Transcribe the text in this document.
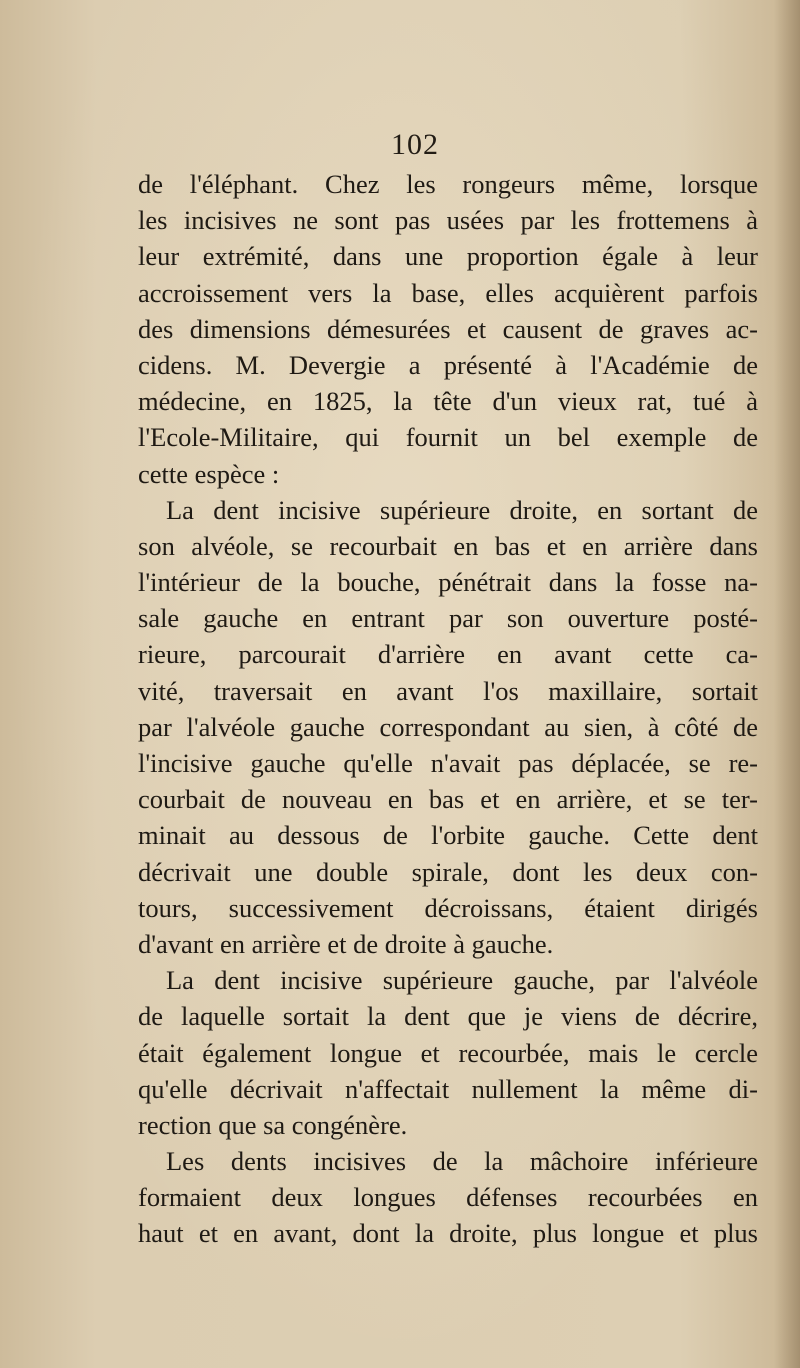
102
de l'éléphant. Chez les rongeurs même, lorsque
les incisives ne sont pas usées par les frottemens à
leur extrémité, dans une proportion égale à leur
accroissement vers la base, elles acquièrent parfois
des dimensions démesurées et causent de graves ac-
cidens. M. Devergie a présenté à l'Académie de
médecine, en 1825, la tête d'un vieux rat, tué à
l'Ecole-Militaire, qui fournit un bel exemple de
cette espèce :
La dent incisive supérieure droite, en sortant de
son alvéole, se recourbait en bas et en arrière dans
l'intérieur de la bouche, pénétrait dans la fosse na-
sale gauche en entrant par son ouverture posté-
rieure, parcourait d'arrière en avant cette ca-
vité, traversait en avant l'os maxillaire, sortait
par l'alvéole gauche correspondant au sien, à côté de
l'incisive gauche qu'elle n'avait pas déplacée, se re-
courbait de nouveau en bas et en arrière, et se ter-
minait au dessous de l'orbite gauche. Cette dent
décrivait une double spirale, dont les deux con-
tours, successivement décroissans, étaient dirigés
d'avant en arrière et de droite à gauche.
La dent incisive supérieure gauche, par l'alvéole
de laquelle sortait la dent que je viens de décrire,
était également longue et recourbée, mais le cercle
qu'elle décrivait n'affectait nullement la même di-
rection que sa congénère.
Les dents incisives de la mâchoire inférieure
formaient deux longues défenses recourbées en
haut et en avant, dont la droite, plus longue et plus
